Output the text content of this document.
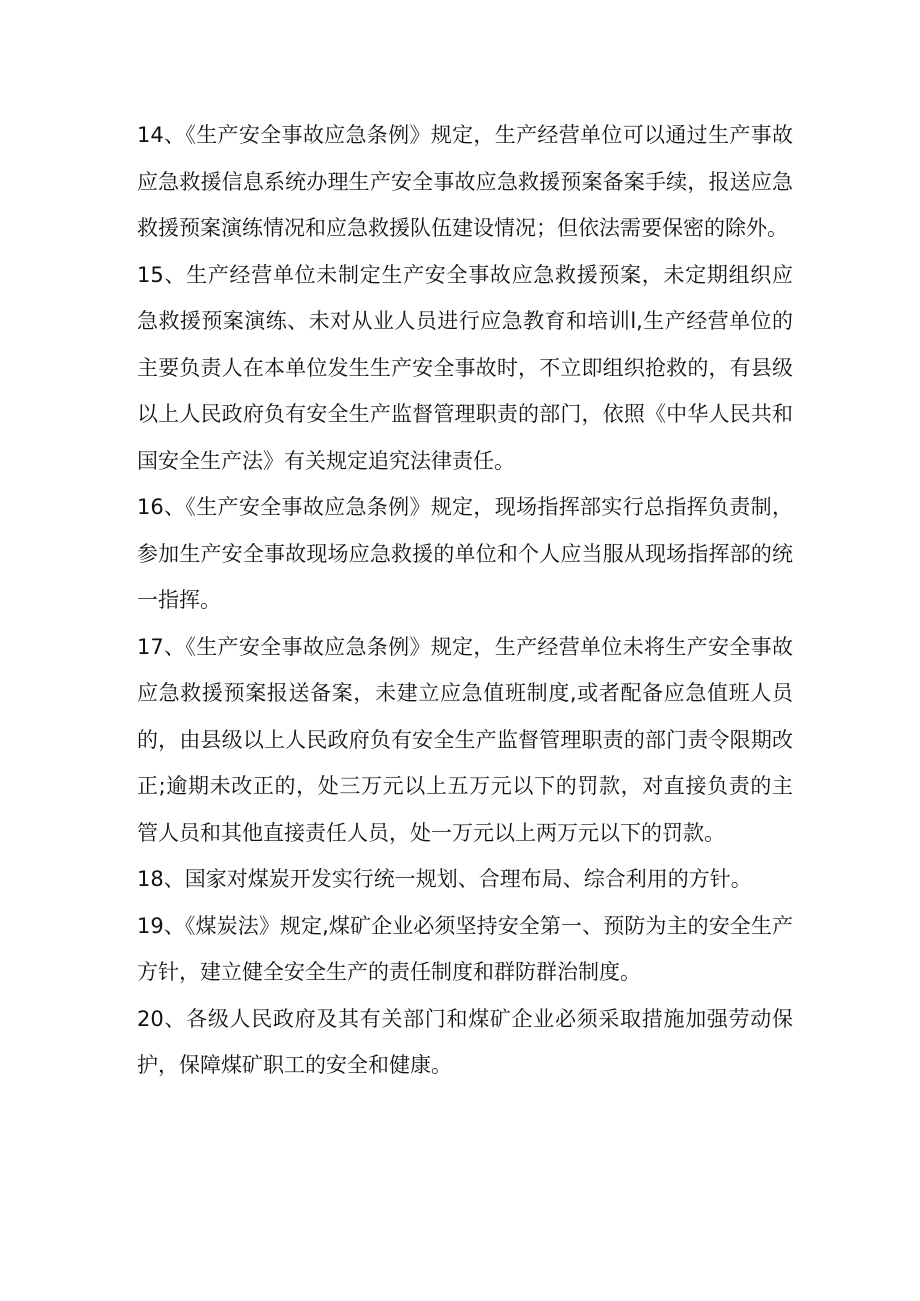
14、《生产安全事故应急条例》规定，生产经营单位可以通过生产事故应急救援信息系统办理生产安全事故应急救援预案备案手续，报送应急救援预案演练情况和应急救援队伍建设情况；但依法需要保密的除外。

15、生产经营单位未制定生产安全事故应急救援预案，未定期组织应急救援预案演练、未对从业人员进行应急教育和培训l,生产经营单位的主要负责人在本单位发生生产安全事故时，不立即组织抢救的，有县级以上人民政府负有安全生产监督管理职责的部门，依照《中华人民共和国安全生产法》有关规定追究法律责任。

16、《生产安全事故应急条例》规定，现场指挥部实行总指挥负责制，参加生产安全事故现场应急救援的单位和个人应当服从现场指挥部的统一指挥。

17、《生产安全事故应急条例》规定，生产经营单位未将生产安全事故应急救援预案报送备案，未建立应急值班制度,或者配备应急值班人员的，由县级以上人民政府负有安全生产监督管理职责的部门责令限期改正;逾期未改正的，处三万元以上五万元以下的罚款，对直接负责的主管人员和其他直接责任人员，处一万元以上两万元以下的罚款。

18、国家对煤炭开发实行统一规划、合理布局、综合利用的方针。

19、《煤炭法》规定,煤矿企业必须坚持安全第一、预防为主的安全生产方针，建立健全安全生产的责任制度和群防群治制度。

20、各级人民政府及其有关部门和煤矿企业必须采取措施加强劳动保护，保障煤矿职工的安全和健康。
